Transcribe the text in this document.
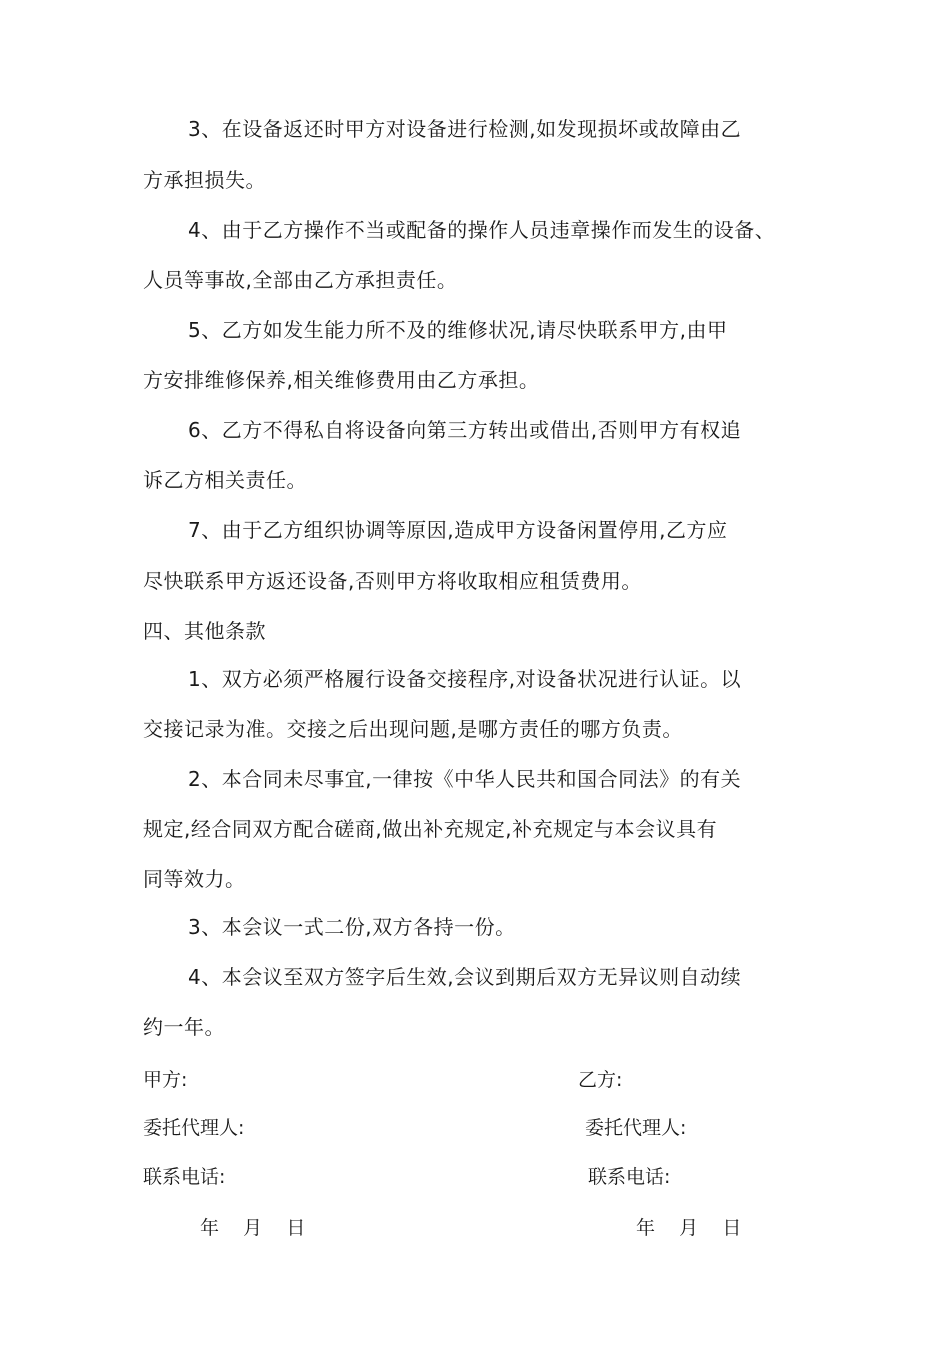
3、在设备返还时甲方对设备进行检测,如发现损坏或故障由乙
方承担损失。
4、由于乙方操作不当或配备的操作人员违章操作而发生的设备、
人员等事故,全部由乙方承担责任。
5、乙方如发生能力所不及的维修状况,请尽快联系甲方,由甲
方安排维修保养,相关维修费用由乙方承担。
6、乙方不得私自将设备向第三方转出或借出,否则甲方有权追
诉乙方相关责任。
7、由于乙方组织协调等原因,造成甲方设备闲置停用,乙方应
尽快联系甲方返还设备,否则甲方将收取相应租赁费用。
四、其他条款
1、双方必须严格履行设备交接程序,对设备状况进行认证。以
交接记录为准。交接之后出现问题,是哪方责任的哪方负责。
2、本合同未尽事宜,一律按《中华人民共和国合同法》的有关
规定,经合同双方配合磋商,做出补充规定,补充规定与本会议具有
同等效力。
3、本会议一式二份,双方各持一份。
4、本会议至双方签字后生效,会议到期后双方无异议则自动续
约一年。
甲方:	乙方:
委托代理人:	委托代理人:
联系电话:	联系电话:
年    月    日	年    月    日
